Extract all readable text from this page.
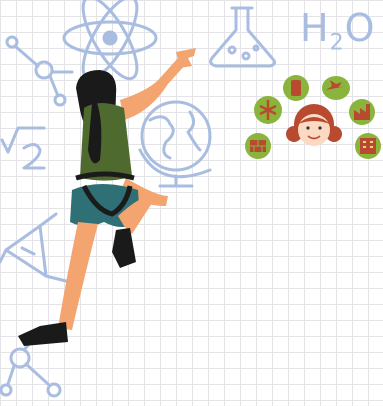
$H_2O$
